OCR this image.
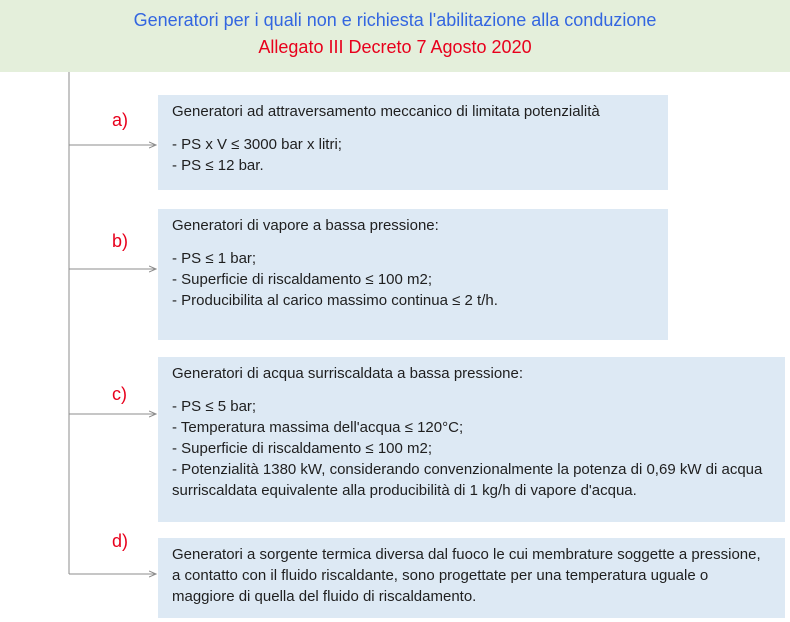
Generatori per i quali non e richiesta l'abilitazione alla conduzione
Allegato III Decreto 7 Agosto 2020
a)	Generatori ad attraversamento meccanico di limitata potenzialità
- PS x V ≤ 3000 bar x litri;
- PS ≤ 12 bar.
b)
Generatori di vapore a bassa pressione:
- PS ≤ 1 bar;
- Superficie di riscaldamento ≤ 100 m2;
- Producibilita al carico massimo continua ≤ 2 t/h.
c)
Generatori di acqua surriscaldata a bassa pressione:
- PS ≤ 5 bar;
- Temperatura massima dell'acqua ≤ 120°C;
- Superficie di riscaldamento ≤ 100 m2;
- Potenzialità 1380 kW, considerando convenzionalmente la potenza di 0,69 kW di acqua surriscaldata equivalente alla producibilità di 1 kg/h di vapore d'acqua.
d)
Generatori a sorgente termica diversa dal fuoco le cui membrature soggette a pressione, a contatto con il fluido riscaldante, sono progettate per una temperatura uguale o maggiore di quella del fluido di riscaldamento.
